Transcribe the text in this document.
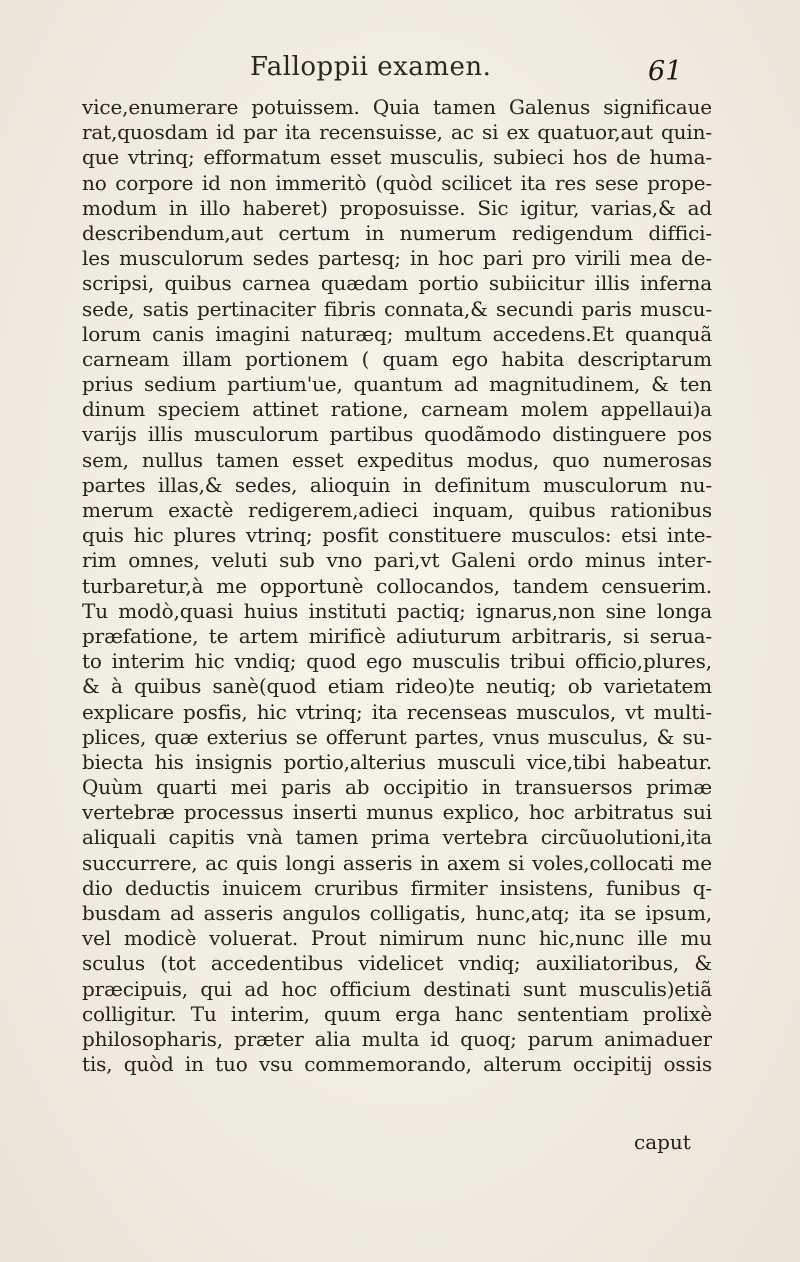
Falloppii examen.	61
vice,enumerare potuissem. Quia tamen Galenus significaue
rat,quosdam id par ita recensuisse, ac si ex quatuor,aut quin-
que vtrinq; efformatum esset musculis, subieci hos de huma-
no corpore id non immeritò (quòd scilicet ita res sese prope-
modum in illo haberet) proposuisse. Sic igitur, varias,& ad
describendum,aut certum in numerum redigendum diffici-
les musculorum sedes partesq; in hoc pari pro virili mea de-
scripsi, quibus carnea quædam portio subiicitur illis inferna
sede, satis pertinaciter fibris connata,& secundi paris muscu-
lorum canis imagini naturæq; multum accedens.Et quanquã
carneam illam portionem ( quam ego habita descriptarum
prius sedium partium'ue, quantum ad magnitudinem, & ten
dinum speciem attinet ratione, carneam molem appellaui)a
varijs illis musculorum partibus quodãmodo distinguere pos
sem, nullus tamen esset expeditus modus, quo numerosas
partes illas,& sedes, alioquin in definitum musculorum nu-
merum exactè redigerem,adieci inquam, quibus rationibus
quis hic plures vtrinq; posfit constituere musculos: etsi inte-
rim omnes, veluti sub vno pari,vt Galeni ordo minus inter-
turbaretur,à me opportunè collocandos, tandem censuerim.
Tu modò,quasi huius instituti pactiq; ignarus,non sine longa
præfatione, te artem mirificè adiuturum arbitraris, si serua-
to interim hic vndiq; quod ego musculis tribui officio,plures,
& à quibus sanè(quod etiam rideo)te neutiq; ob varietatem
explicare posfis, hic vtrinq; ita recenseas musculos, vt multi-
plices, quæ exterius se offerunt partes, vnus musculus, & su-
biecta his insignis portio,alterius musculi vice,tibi habeatur.
Quùm quarti mei paris ab occipitio in transuersos primæ
vertebræ processus inserti munus explico, hoc arbitratus sui
aliquali capitis vnà tamen prima vertebra circũuolutioni,ita
succurrere, ac quis longi asseris in axem si voles,collocati me
dio deductis inuicem cruribus firmiter insistens, funibus q-
busdam ad asseris angulos colligatis, hunc,atq; ita se ipsum,
vel modicè voluerat. Prout nimirum nunc hic,nunc ille mu
sculus (tot accedentibus videlicet vndiq; auxiliatoribus, &
præcipuis, qui ad hoc officium destinati sunt musculis)etiã
colligitur. Tu interim, quum erga hanc sententiam prolixè
philosopharis, præter alia multa id quoq; parum animaduer
tis, quòd in tuo vsu commemorando, alterum occipitij ossis
caput
